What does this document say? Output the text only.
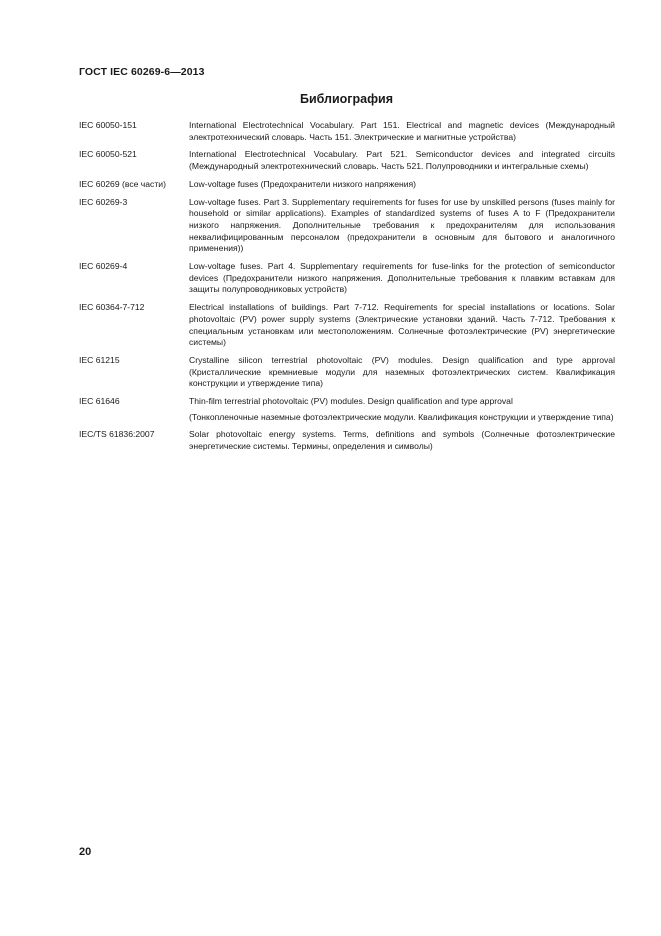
ГОСТ IEC 60269-6—2013
Библиография
IEC 60050-151	International Electrotechnical Vocabulary. Part 151. Electrical and magnetic devices (Международный электротехнический словарь. Часть 151. Электрические и магнитные устройства)
IEC 60050-521	International Electrotechnical Vocabulary. Part 521. Semiconductor devices and integrated circuits (Международный электротехнический словарь. Часть 521. Полупроводники и интегральные схемы)
IEC 60269 (все части)	Low-voltage fuses (Предохранители низкого напряжения)
IEC 60269-3	Low-voltage fuses. Part 3. Supplementary requirements for fuses for use by unskilled persons (fuses mainly for household or similar applications). Examples of standardized systems of fuses A to F (Предохранители низкого напряжения. Дополнительные требования к предохранителям для использования неквалифицированным персоналом (предохранители в основным для бытового и аналогичного применения))
IEC 60269-4	Low-voltage fuses. Part 4. Supplementary requirements for fuse-links for the protection of semiconductor devices (Предохранители низкого напряжения. Дополнительные требования к плавким вставкам для защиты полупроводниковых устройств)
IEC 60364-7-712	Electrical installations of buildings. Part 7-712. Requirements for special installations or locations. Solar photovoltaic (PV) power supply systems (Электрические установки зданий. Часть 7-712. Требования к специальным установкам или местоположениям. Солнечные фотоэлектрические (PV) энергетические системы)
IEC 61215	Crystalline silicon terrestrial photovoltaic (PV) modules. Design qualification and type approval (Кристаллические кремниевые модули для наземных фотоэлектрических систем. Квалификация конструкции и утверждение типа)
IEC 61646	Thin-film terrestrial photovoltaic (PV) modules. Design qualification and type approval
(Тонкопленочные наземные фотоэлектрические модули. Квалификация конструкции и утверждение типа)
IEC/TS 61836:2007	Solar photovoltaic energy systems. Terms, definitions and symbols (Солнечные фотоэлектрические энергетические системы. Термины, определения и символы)
20
